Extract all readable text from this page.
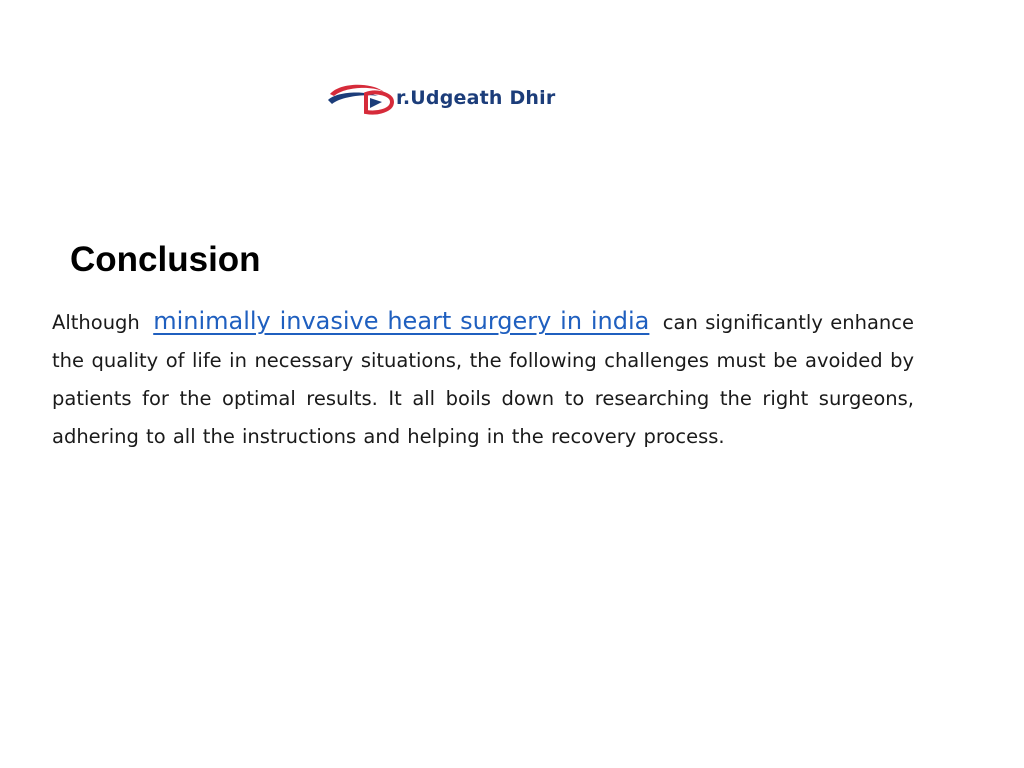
r.Udgeath Dhir
Conclusion

Although minimally invasive heart surgery in india can significantly enhance the quality of life in necessary situations, the following challenges must be avoided by patients for the optimal results. It all boils down to researching the right surgeons, adhering to all the instructions and helping in the recovery process.
